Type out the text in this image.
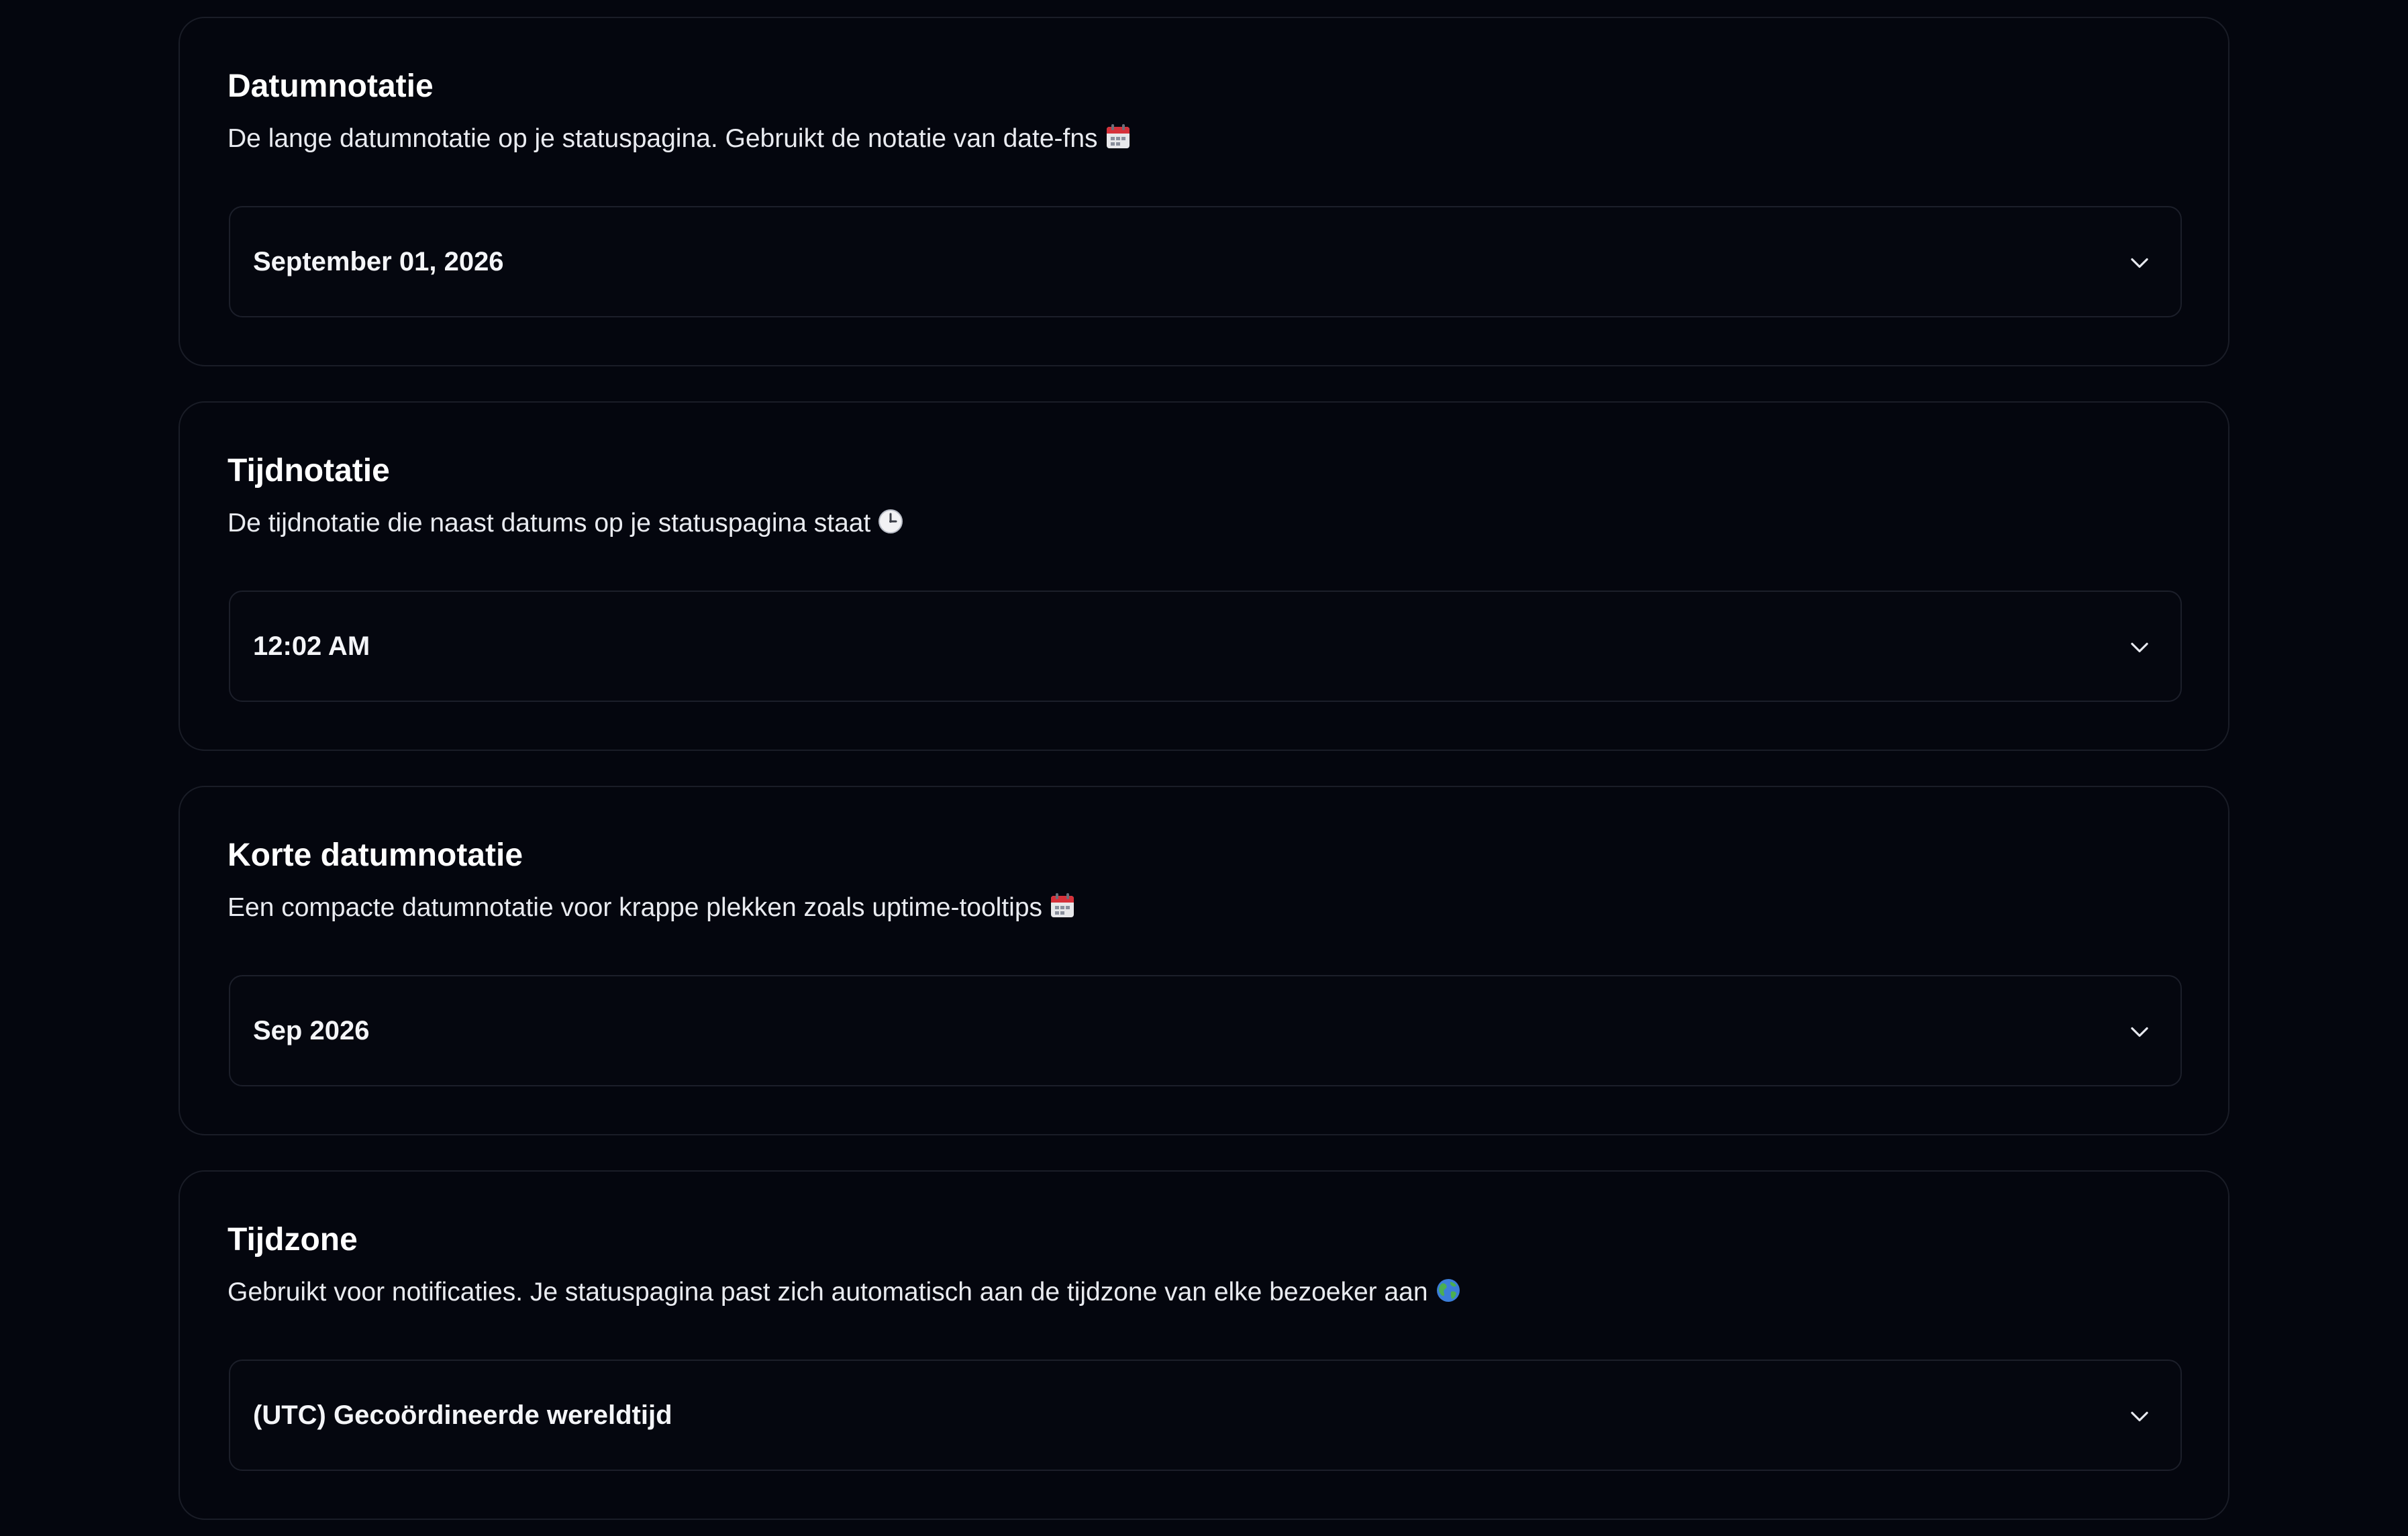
Datumnotatie

De lange datumnotatie op je statuspagina. Gebruikt de notatie van date-fns

September 01, 2026
Tijdnotatie

De tijdnotatie die naast datums op je statuspagina staat

12:02 AM
Korte datumnotatie

Een compacte datumnotatie voor krappe plekken zoals uptime-tooltips

Sep 2026
Tijdzone

Gebruikt voor notificaties. Je statuspagina past zich automatisch aan de tijdzone van elke bezoeker aan

(UTC) Gecoördineerde wereldtijd
